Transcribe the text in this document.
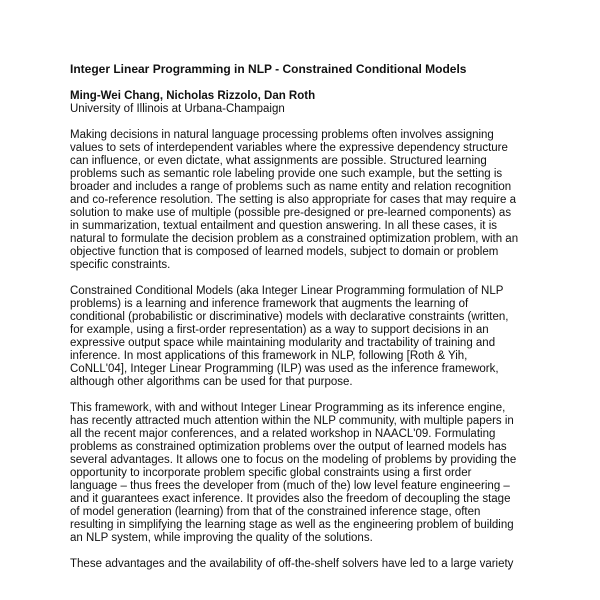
Integer Linear Programming in NLP - Constrained Conditional Models
Ming-Wei Chang, Nicholas Rizzolo, Dan Roth
University of Illinois at Urbana-Champaign
Making decisions in natural language processing problems often involves assigning
values to sets of interdependent variables where the expressive dependency structure
can influence, or even dictate, what assignments are possible. Structured learning
problems such as semantic role labeling provide one such example, but the setting is
broader and includes a range of problems such as name entity and relation recognition
and co-reference resolution. The setting is also appropriate for cases that may require a
solution to make use of multiple (possible pre-designed or pre-learned components) as
in summarization, textual entailment and question answering. In all these cases, it is
natural to formulate the decision problem as a constrained optimization problem, with an
objective function that is composed of learned models, subject to domain or problem
specific constraints.
Constrained Conditional Models (aka Integer Linear Programming formulation of NLP
problems) is a learning and inference framework that augments the learning of
conditional (probabilistic or discriminative) models with declarative constraints (written,
for example, using a first-order representation) as a way to support decisions in an
expressive output space while maintaining modularity and tractability of training and
inference. In most applications of this framework in NLP, following [Roth & Yih,
CoNLL'04], Integer Linear Programming (ILP) was used as the inference framework,
although other algorithms can be used for that purpose.
This framework, with and without Integer Linear Programming as its inference engine,
has recently attracted much attention within the NLP community, with multiple papers in
all the recent major conferences, and a related workshop in NAACL'09. Formulating
problems as constrained optimization problems over the output of learned models has
several advantages. It allows one to focus on the modeling of problems by providing the
opportunity to incorporate problem specific global constraints using a first order
language – thus frees the developer from (much of the) low level feature engineering –
and it guarantees exact inference. It provides also the freedom of decoupling the stage
of model generation (learning) from that of the constrained inference stage, often
resulting in simplifying the learning stage as well as the engineering problem of building
an NLP system, while improving the quality of the solutions.
These advantages and the availability of off-the-shelf solvers have led to a large variety
